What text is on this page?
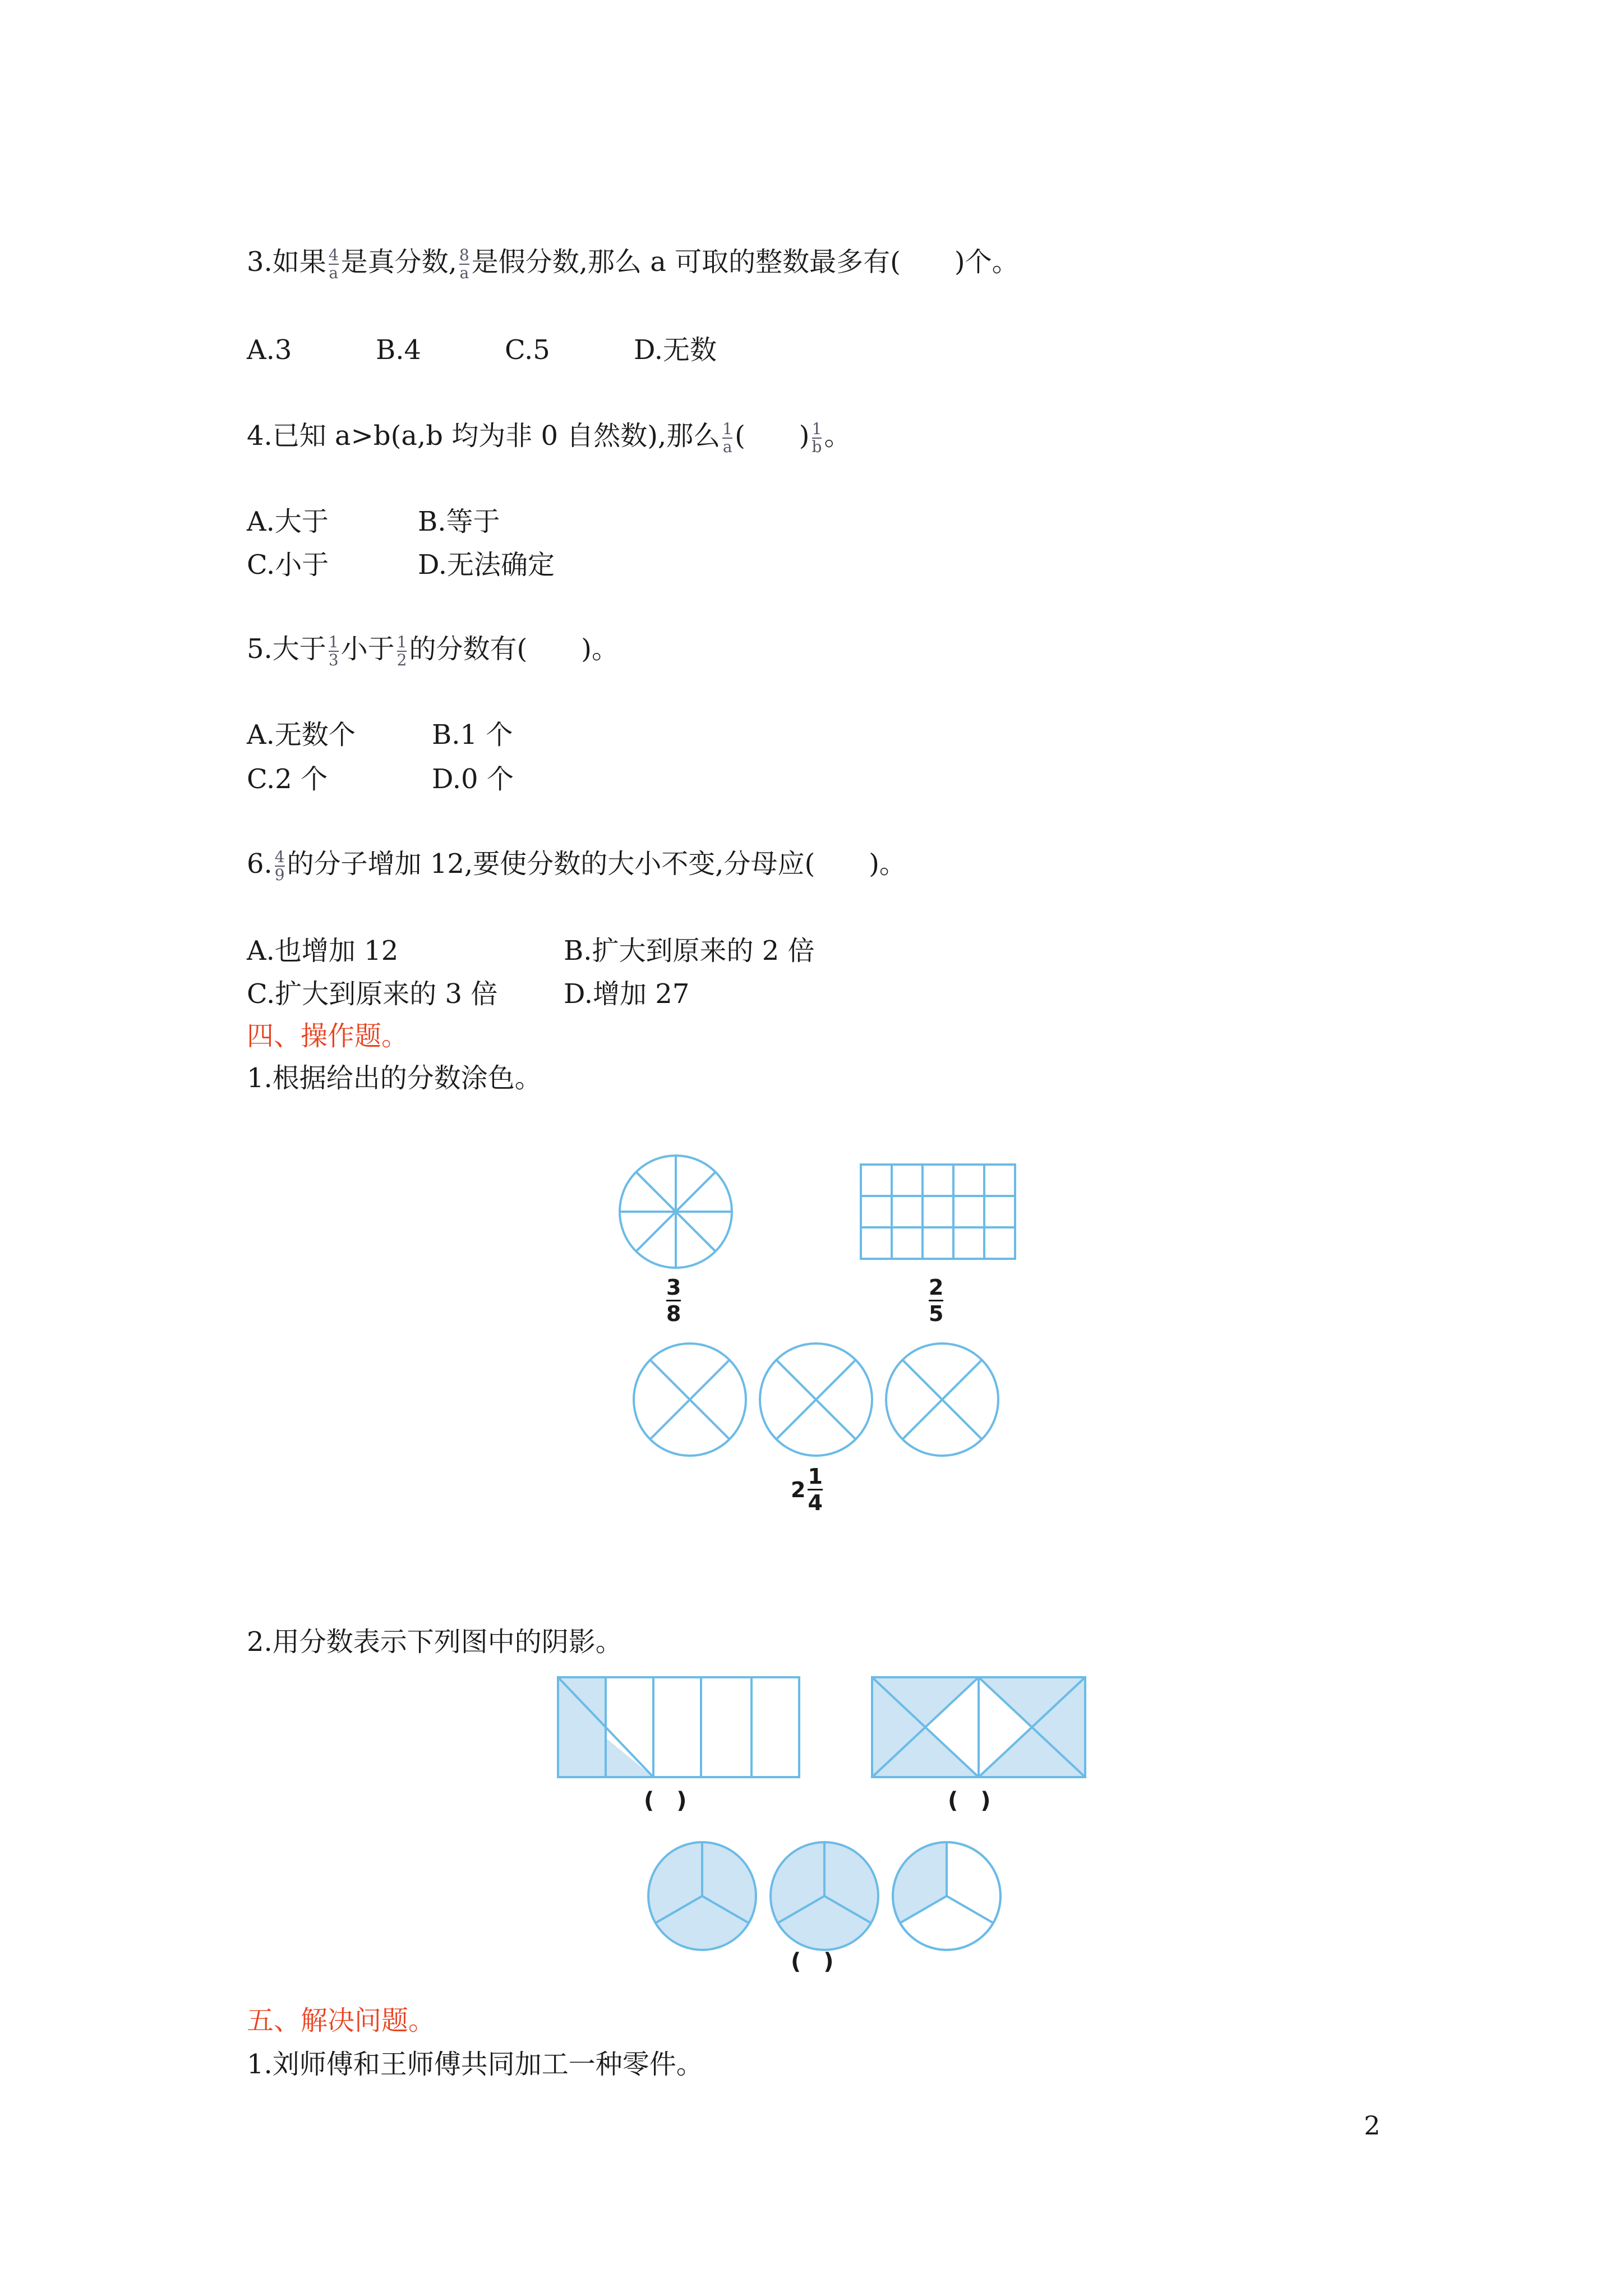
3.如果 $\frac{4}{a}$ 是真分数, $\frac{8}{a}$ 是假分数,那么 a 可取的整数最多有(　　)个。
A.3	B.4	C.5	D.无数
4.已知 a>b(a,b 均为非 0 自然数),那么 $\frac{1}{a}$ (　　) $\frac{1}{b}$ 。
A.大于	B.等于
C.小于	D.无法确定
5.大于 $\frac{1}{3}$ 小于 $\frac{1}{2}$ 的分数有(　　)。
A.无数个	B.1 个
C.2 个	D.0 个
6. $\frac{4}{9}$ 的分子增加 12,要使分数的大小不变,分母应(　　)。
A.也增加 12	B.扩大到原来的 2 倍
C.扩大到原来的 3 倍 D.增加 27
四、操作题。
1.根据给出的分数涂色。
3
8
2
5
2
1
4
2.用分数表示下列图中的阴影。
(　)	(　)
(　)
五、解决问题。
1.刘师傅和王师傅共同加工一种零件。
2
